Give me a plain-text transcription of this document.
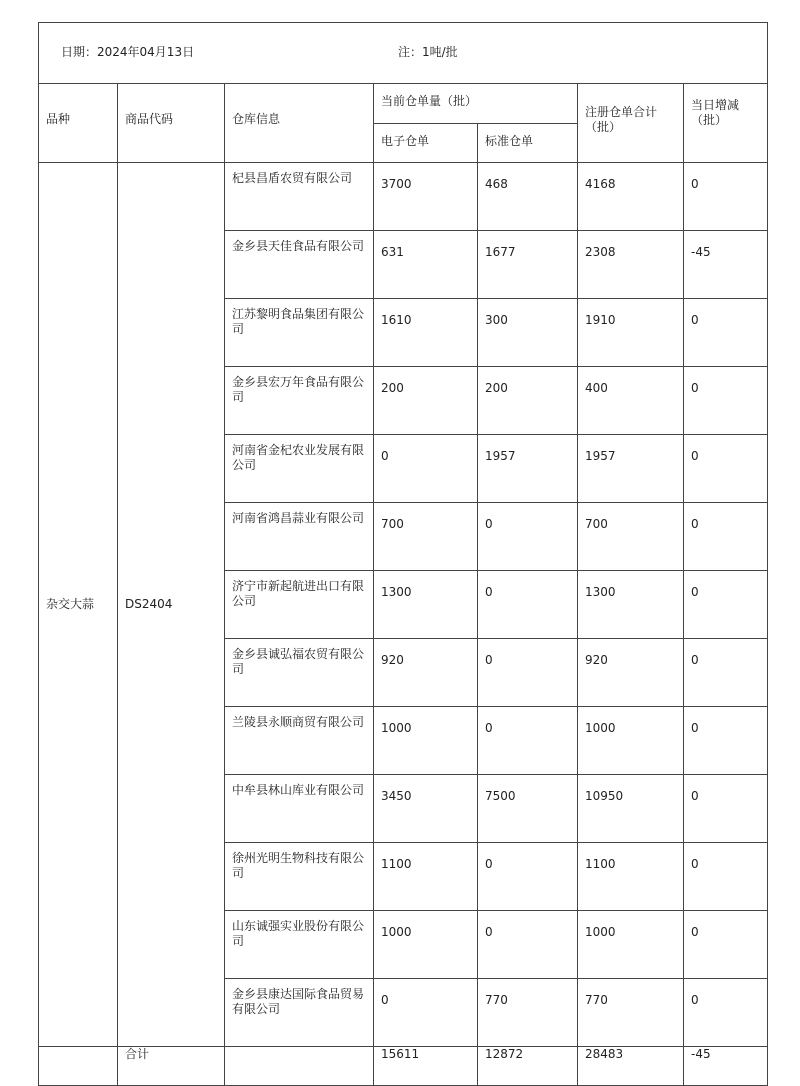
日期：2024年04月13日 注：1吨/批						

品种	商品代码	仓库信息	当前仓单量（批）		注册仓单合计（批）	当日增减（批）
			电子仓单	标准仓单		
杂交大蒜	DS2404	杞县昌盾农贸有限公司	3700	468	4168	0
		金乡县天佳食品有限公司	631	1677	2308	-45
		江苏黎明食品集团有限公司	1610	300	1910	0
		金乡县宏万年食品有限公司	200	200	400	0
		河南省金杞农业发展有限公司	0	1957	1957	0
		河南省鸿昌蒜业有限公司	700	0	700	0
		济宁市新起航进出口有限公司	1300	0	1300	0
		金乡县诚弘福农贸有限公司	920	0	920	0
		兰陵县永顺商贸有限公司	1000	0	1000	0
		中牟县林山库业有限公司	3450	7500	10950	0
		徐州光明生物科技有限公司	1100	0	1100	0
		山东诚强实业股份有限公司	1000	0	1000	0
		金乡县康达国际食品贸易有限公司	0	770	770	0
	合计		15611	12872	28483	-45
